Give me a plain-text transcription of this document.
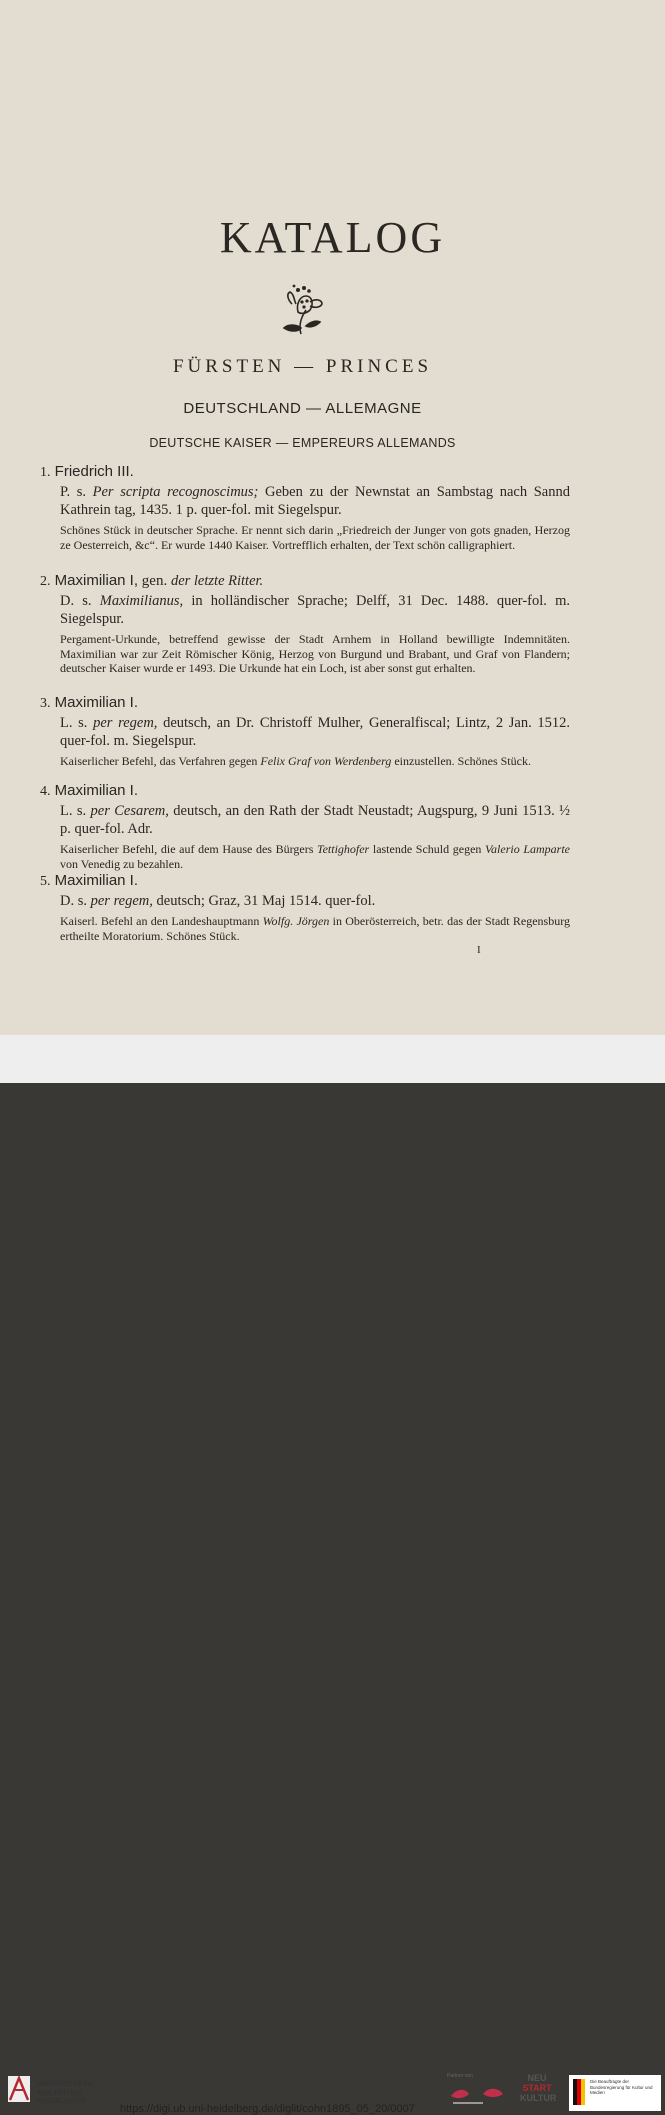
KATALOG
FÜRSTEN — PRINCES
DEUTSCHLAND — ALLEMAGNE
DEUTSCHE KAISER — EMPEREURS ALLEMANDS

1. Friedrich III.

P. s. Per scripta recognoscimus; Geben zu der Newnstat an Sambstag nach Sannd Kathrein tag, 1435. 1 p. quer-fol. mit Siegelspur.

Schönes Stück in deutscher Sprache. Er nennt sich darin „Friedreich der Junger von gots gnaden, Herzog ze Oesterreich, &c“. Er wurde 1440 Kaiser. Vortrefflich erhalten, der Text schön calligraphiert.

2. Maximilian I, gen. der letzte Ritter.

D. s. Maximilianus, in holländischer Sprache; Delff, 31 Dec. 1488. quer-fol. m. Siegelspur.

Pergament-Urkunde, betreffend gewisse der Stadt Arnhem in Holland bewilligte Indemnitäten. Maximilian war zur Zeit Römischer König, Herzog von Burgund und Brabant, und Graf von Flandern; deutscher Kaiser wurde er 1493. Die Urkunde hat ein Loch, ist aber sonst gut erhalten.

3. Maximilian I.

L. s. per regem, deutsch, an Dr. Christoff Mulher, Generalfiscal; Lintz, 2 Jan. 1512. quer-fol. m. Siegelspur.

Kaiserlicher Befehl, das Verfahren gegen Felix Graf von Werdenberg einzustellen. Schönes Stück.

4. Maximilian I.

L. s. per Cesarem, deutsch, an den Rath der Stadt Neustadt; Augspurg, 9 Juni 1513. ½ p. quer-fol. Adr.

Kaiserlicher Befehl, die auf dem Hause des Bürgers Tettighofer lastende Schuld gegen Valerio Lamparte von Venedig zu bezahlen.

5. Maximilian I.

D. s. per regem, deutsch; Graz, 31 Maj 1514. quer-fol.

Kaiserl. Befehl an den Landeshauptmann Wolfg. Jörgen in Oberösterreich, betr. das der Stadt Regensburg ertheilte Moratorium. Schönes Stück.

I
UNIVERSITÄTS-
BIBLIOTHEK
HEIDELBERG
https://digi.ub.uni-heidelberg.de/diglit/cohn1895_05_20/0007
Partner von	NEU
START
KULTUR
Die Beauftragte der Bundesregierung für Kultur und Medien
